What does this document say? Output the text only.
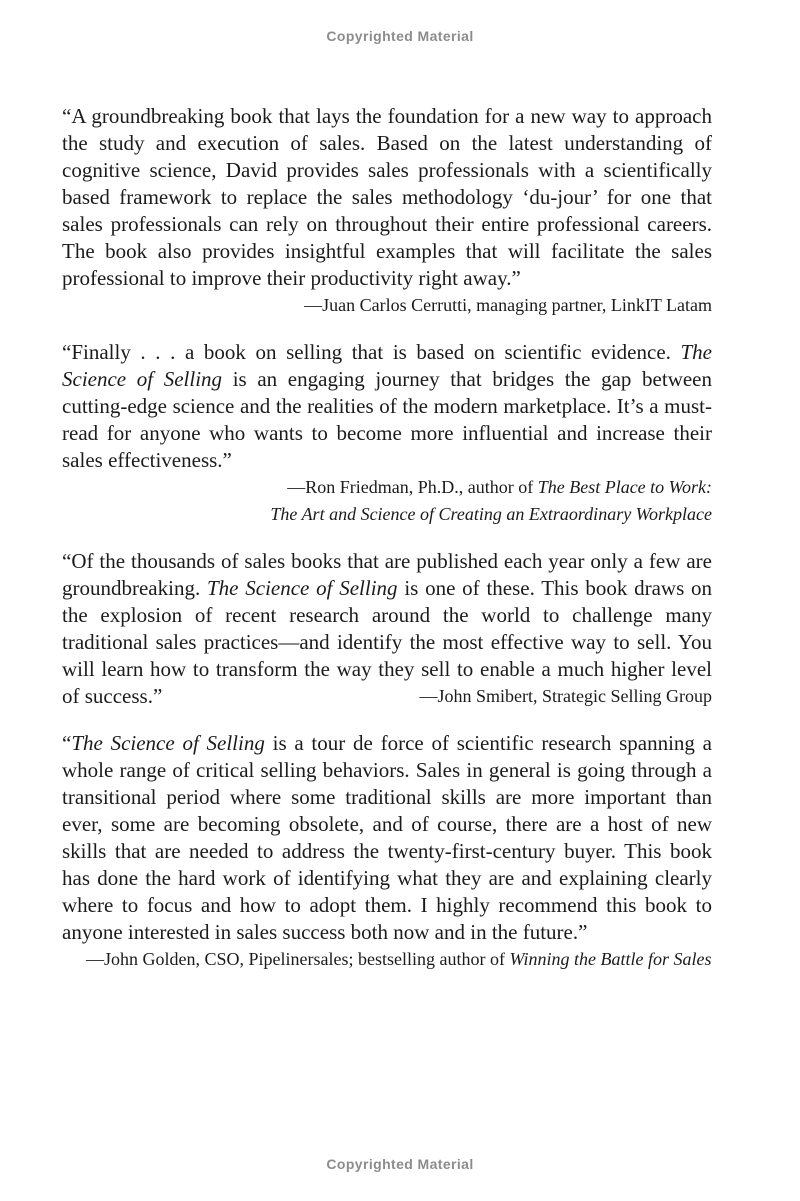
Copyrighted Material

“A groundbreaking book that lays the foundation for a new way to approach the study and execution of sales. Based on the latest understanding of cognitive science, David provides sales professionals with a scientifically based framework to replace the sales methodology ‘du-jour’ for one that sales professionals can rely on throughout their entire professional careers. The book also provides insightful examples that will facilitate the sales professional to improve their productivity right away.”

—Juan Carlos Cerrutti, managing partner, LinkIT Latam

“Finally . . . a book on selling that is based on scientific evidence. The Science of Selling is an engaging journey that bridges the gap between cutting-edge science and the realities of the modern marketplace. It’s a must-read for anyone who wants to become more influential and increase their sales effectiveness.”

—Ron Friedman, Ph.D., author of The Best Place to Work:
The Art and Science of Creating an Extraordinary Workplace

“Of the thousands of sales books that are published each year only a few are groundbreaking. The Science of Selling is one of these. This book draws on the explosion of recent research around the world to challenge many traditional sales practices—and identify the most effective way to sell. You will learn how to transform the way they sell to enable a much higher level of success.”	—John Smibert, Strategic Selling Group

“The Science of Selling is a tour de force of scientific research spanning a whole range of critical selling behaviors. Sales in general is going through a transitional period where some traditional skills are more important than ever, some are becoming obsolete, and of course, there are a host of new skills that are needed to address the twenty-first-century buyer. This book has done the hard work of identifying what they are and explaining clearly where to focus and how to adopt them. I highly recommend this book to anyone interested in sales success both now and in the future.”

—John Golden, CSO, Pipelinersales; bestselling author of Winning the Battle for Sales

Copyrighted Material
